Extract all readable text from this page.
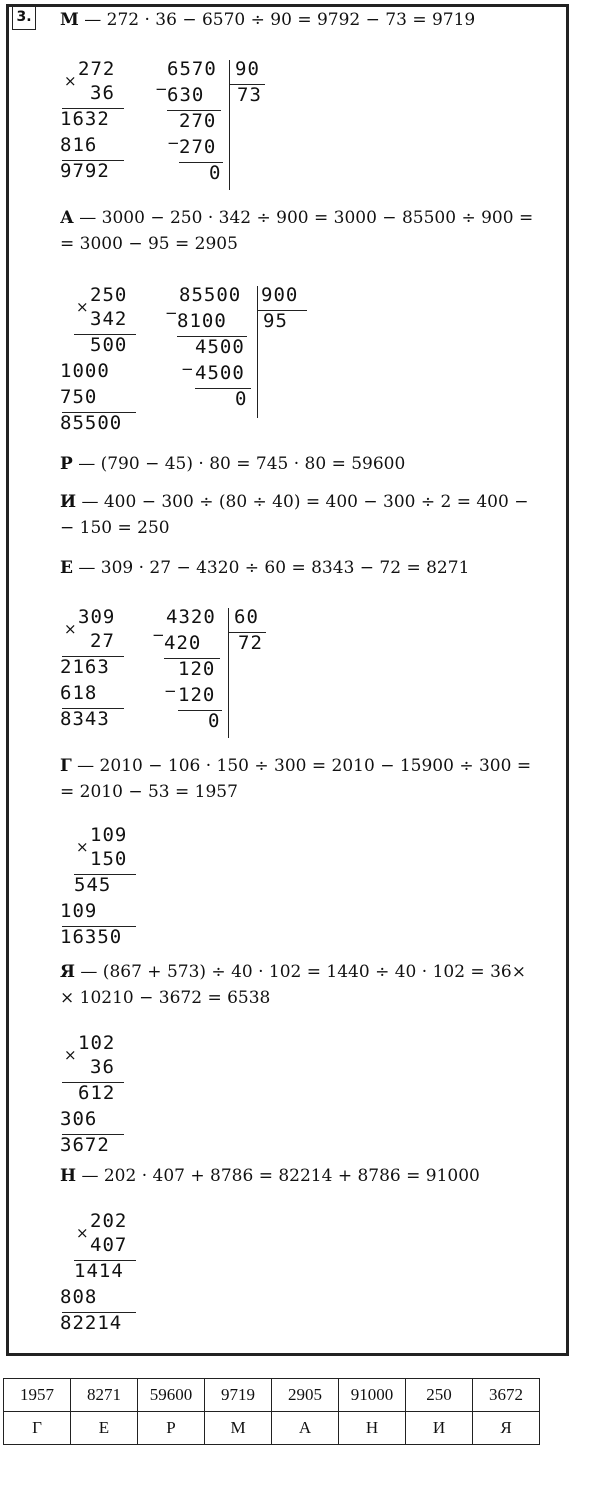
3. М — 272 · 36 − 6570 ÷ 90 = 9792 − 73 = 9719
×
272
36
1632
816
9792
6570 90
73
−
630
270
−
270
0
А — 3000 − 250 · 342 ÷ 900 = 3000 − 85500 ÷ 900 =
= 3000 − 95 = 2905
×
250
342
500
1000
750
85500
85500 900
95
−
8100
4500
− 4500
0
Р — (790 − 45) · 80 = 745 · 80 = 59600
И — 400 − 300 ÷ (80 ÷ 40) = 400 − 300 ÷ 2 = 400 −
− 150 = 250
Е — 309 · 27 − 4320 ÷ 60 = 8343 − 72 = 8271
×
309
27
2163
618
8343
4320 60
72
−
420
120
− 120
0
Г — 2010 − 106 · 150 ÷ 300 = 2010 − 15900 ÷ 300 =
= 2010 − 53 = 1957
×
109
150
545
109
16350
Я — (867 + 573) ÷ 40 · 102 = 1440 ÷ 40 · 102 = 36×
× 10210 − 3672 = 6538
×
102
36
612
306
3672
Н — 202 · 407 + 8786 = 82214 + 8786 = 91000
×
202
407
1414
808
82214
1957	8271	59600	9719	2905	91000	250	3672
Г	Е	Р	М	А	Н	И	Я
